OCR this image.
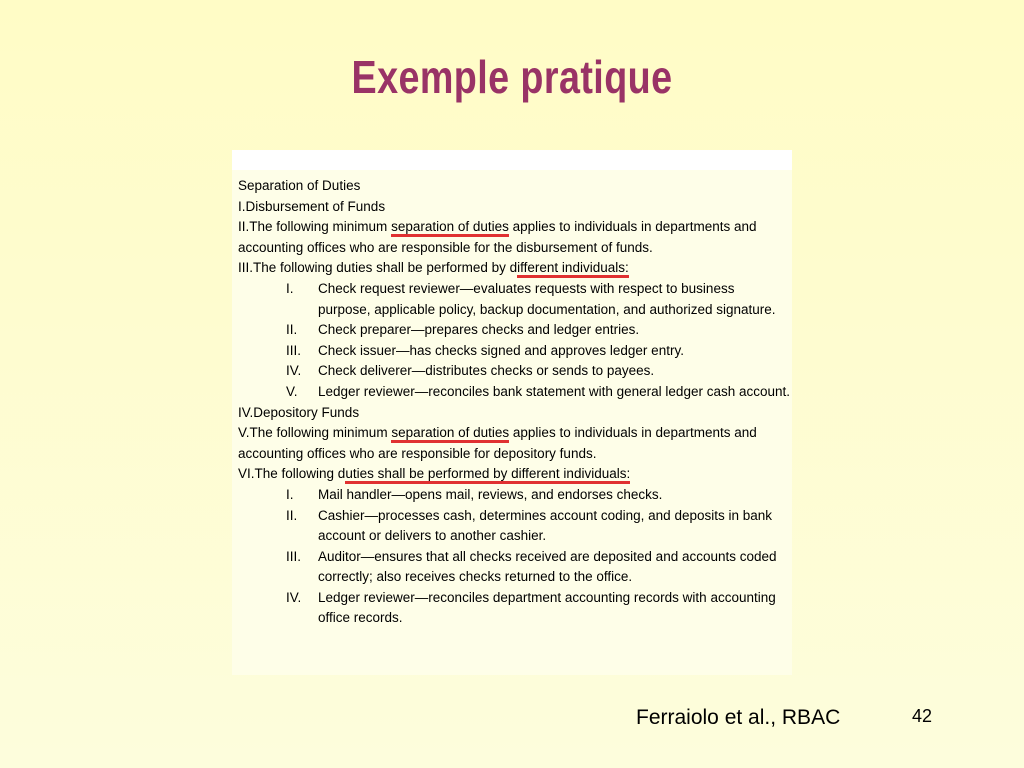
Exemple pratique
Separation of Duties
I.Disbursement of Funds
II.The following minimum separation of duties applies to individuals in departments and
accounting offices who are responsible for the disbursement of funds.
III.The following duties shall be performed by different individuals:
I.	Check request reviewer—evaluates requests with respect to business purpose, applicable policy, backup documentation, and authorized signature.
II.	Check preparer—prepares checks and ledger entries.
III.	Check issuer—has checks signed and approves ledger entry.
IV.	Check deliverer—distributes checks or sends to payees.
V.	Ledger reviewer—reconciles bank statement with general ledger cash account.
IV.Depository Funds
V.The following minimum separation of duties applies to individuals in departments and
accounting offices who are responsible for depository funds.
VI.The following duties shall be performed by different individuals:
I.	Mail handler—opens mail, reviews, and endorses checks.
II.	Cashier—processes cash, determines account coding, and deposits in bank account or delivers to another cashier.
III.	Auditor—ensures that all checks received are deposited and accounts coded correctly; also receives checks returned to the office.
IV.	Ledger reviewer—reconciles department accounting records with accounting office records.
Ferraiolo et al., RBAC	42
